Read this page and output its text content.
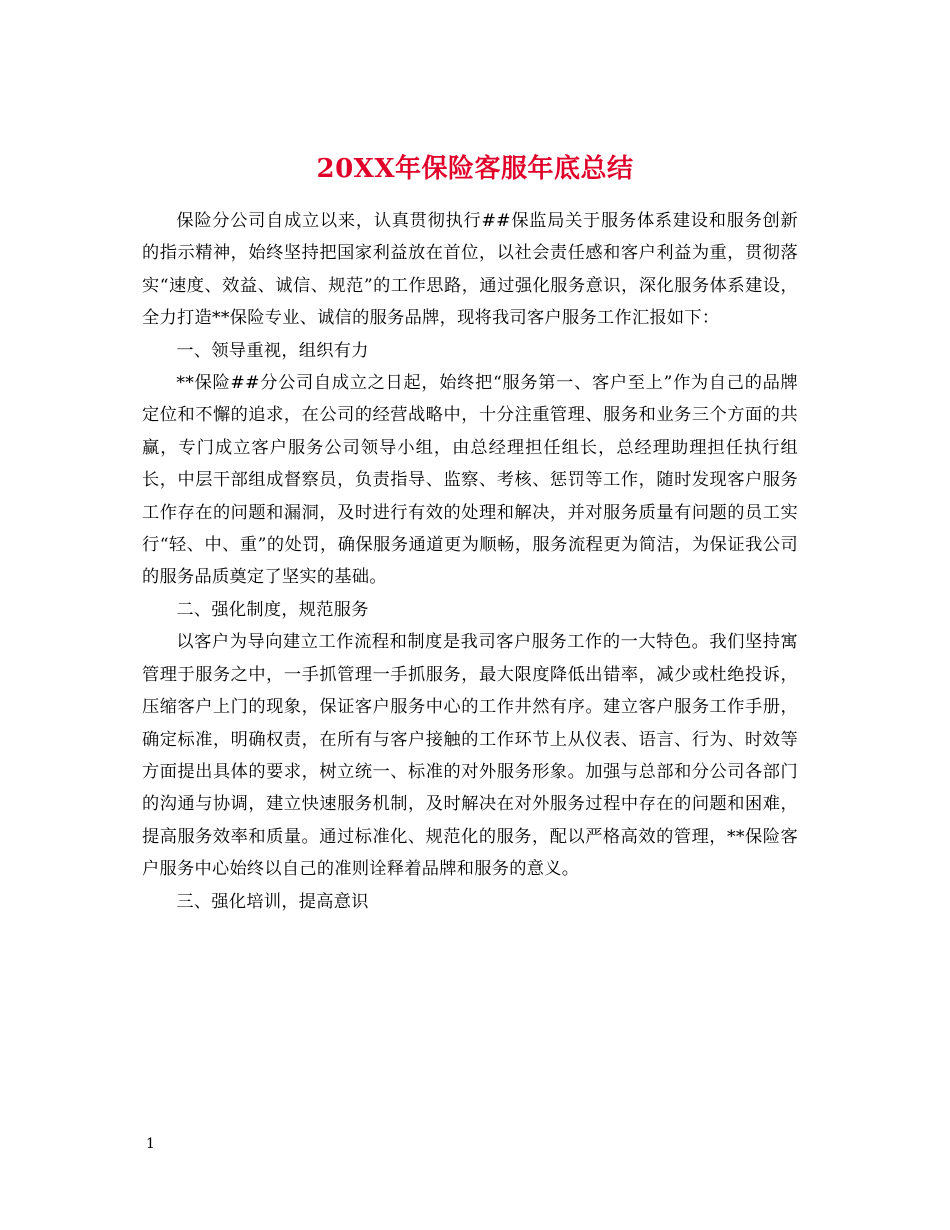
20XX年保险客服年底总结

保险分公司自成立以来，认真贯彻执行##保监局关于服务体系建设和服务创新的指示精神，始终坚持把国家利益放在首位，以社会责任感和客户利益为重，贯彻落实“速度、效益、诚信、规范”的工作思路，通过强化服务意识，深化服务体系建设，全力打造**保险专业、诚信的服务品牌，现将我司客户服务工作汇报如下：

一、领导重视，组织有力

**保险##分公司自成立之日起，始终把“服务第一、客户至上”作为自己的品牌定位和不懈的追求，在公司的经营战略中，十分注重管理、服务和业务三个方面的共赢，专门成立客户服务公司领导小组，由总经理担任组长，总经理助理担任执行组长，中层干部组成督察员，负责指导、监察、考核、惩罚等工作，随时发现客户服务工作存在的问题和漏洞，及时进行有效的处理和解决，并对服务质量有问题的员工实行“轻、中、重”的处罚，确保服务通道更为顺畅，服务流程更为简洁，为保证我公司的服务品质奠定了坚实的基础。

二、强化制度，规范服务

以客户为导向建立工作流程和制度是我司客户服务工作的一大特色。我们坚持寓管理于服务之中，一手抓管理一手抓服务，最大限度降低出错率，减少或杜绝投诉，压缩客户上门的现象，保证客户服务中心的工作井然有序。建立客户服务工作手册，确定标准，明确权责，在所有与客户接触的工作环节上从仪表、语言、行为、时效等方面提出具体的要求，树立统一、标准的对外服务形象。加强与总部和分公司各部门的沟通与协调，建立快速服务机制，及时解决在对外服务过程中存在的问题和困难，提高服务效率和质量。通过标准化、规范化的服务，配以严格高效的管理，**保险客户服务中心始终以自己的准则诠释着品牌和服务的意义。

三、强化培训，提高意识

1
